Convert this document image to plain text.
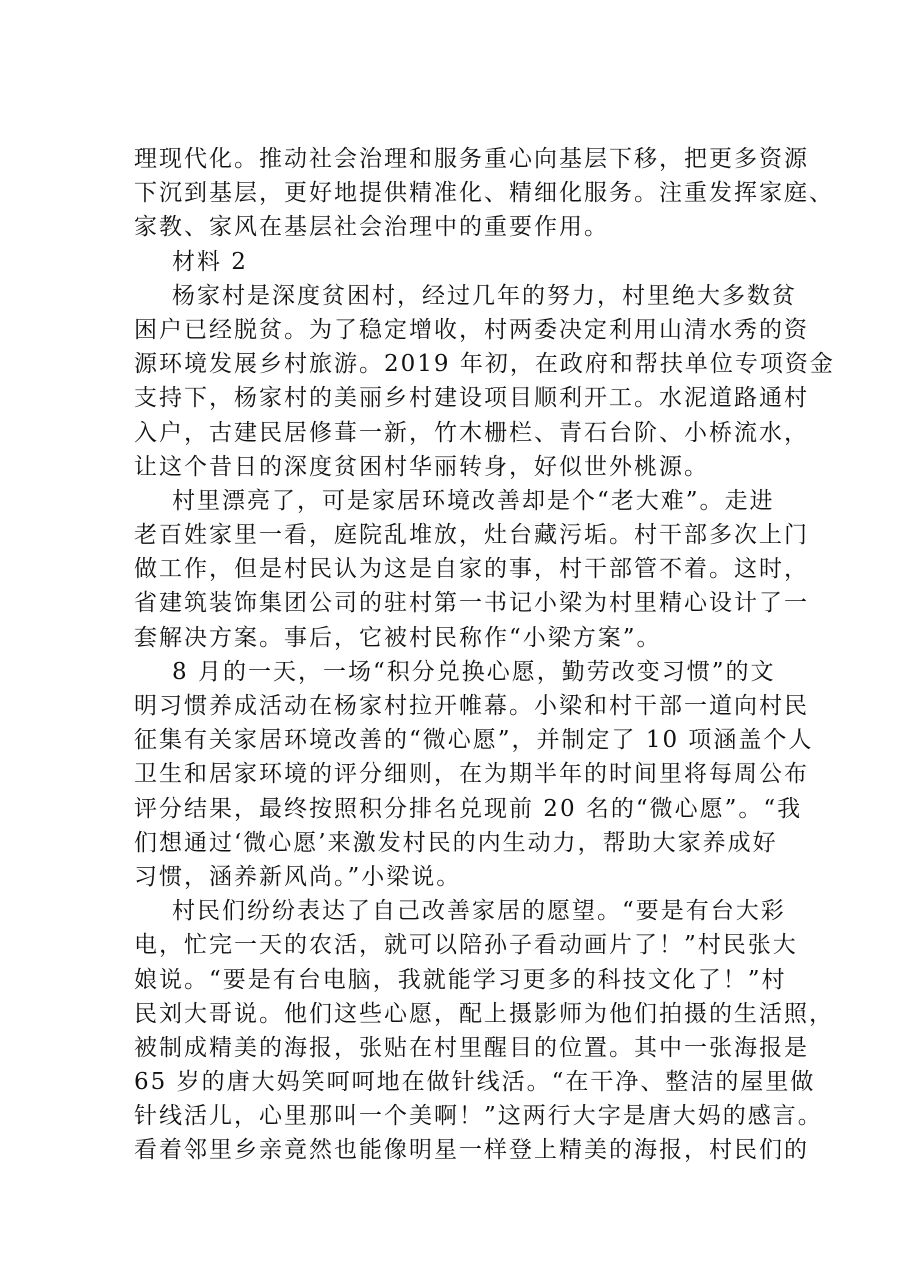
理现代化。推动社会治理和服务重心向基层下移，把更多资源
下沉到基层，更好地提供精准化、精细化服务。注重发挥家庭、
家教、家风在基层社会治理中的重要作用。
材料 2
杨家村是深度贫困村，经过几年的努力，村里绝大多数贫
困户已经脱贫。为了稳定增收，村两委决定利用山清水秀的资
源环境发展乡村旅游。2019 年初，在政府和帮扶单位专项资金
支持下，杨家村的美丽乡村建设项目顺利开工。水泥道路通村
入户，古建民居修葺一新，竹木栅栏、青石台阶、小桥流水，
让这个昔日的深度贫困村华丽转身，好似世外桃源。
村里漂亮了，可是家居环境改善却是个“老大难”。走进
老百姓家里一看，庭院乱堆放，灶台藏污垢。村干部多次上门
做工作，但是村民认为这是自家的事，村干部管不着。这时，
省建筑装饰集团公司的驻村第一书记小梁为村里精心设计了一
套解决方案。事后，它被村民称作“小梁方案”。
8 月的一天，一场“积分兑换心愿，勤劳改变习惯”的文
明习惯养成活动在杨家村拉开帷幕。小梁和村干部一道向村民
征集有关家居环境改善的“微心愿”，并制定了 10 项涵盖个人
卫生和居家环境的评分细则，在为期半年的时间里将每周公布
评分结果，最终按照积分排名兑现前 20 名的“微心愿”。“我
们想通过‘微心愿’来激发村民的内生动力，帮助大家养成好
习惯，涵养新风尚。”小梁说。
村民们纷纷表达了自己改善家居的愿望。“要是有台大彩
电，忙完一天的农活，就可以陪孙子看动画片了！”村民张大
娘说。“要是有台电脑，我就能学习更多的科技文化了！”村
民刘大哥说。他们这些心愿，配上摄影师为他们拍摄的生活照，
被制成精美的海报，张贴在村里醒目的位置。其中一张海报是
65 岁的唐大妈笑呵呵地在做针线活。“在干净、整洁的屋里做
针线活儿，心里那叫一个美啊！”这两行大字是唐大妈的感言。
看着邻里乡亲竟然也能像明星一样登上精美的海报，村民们的
